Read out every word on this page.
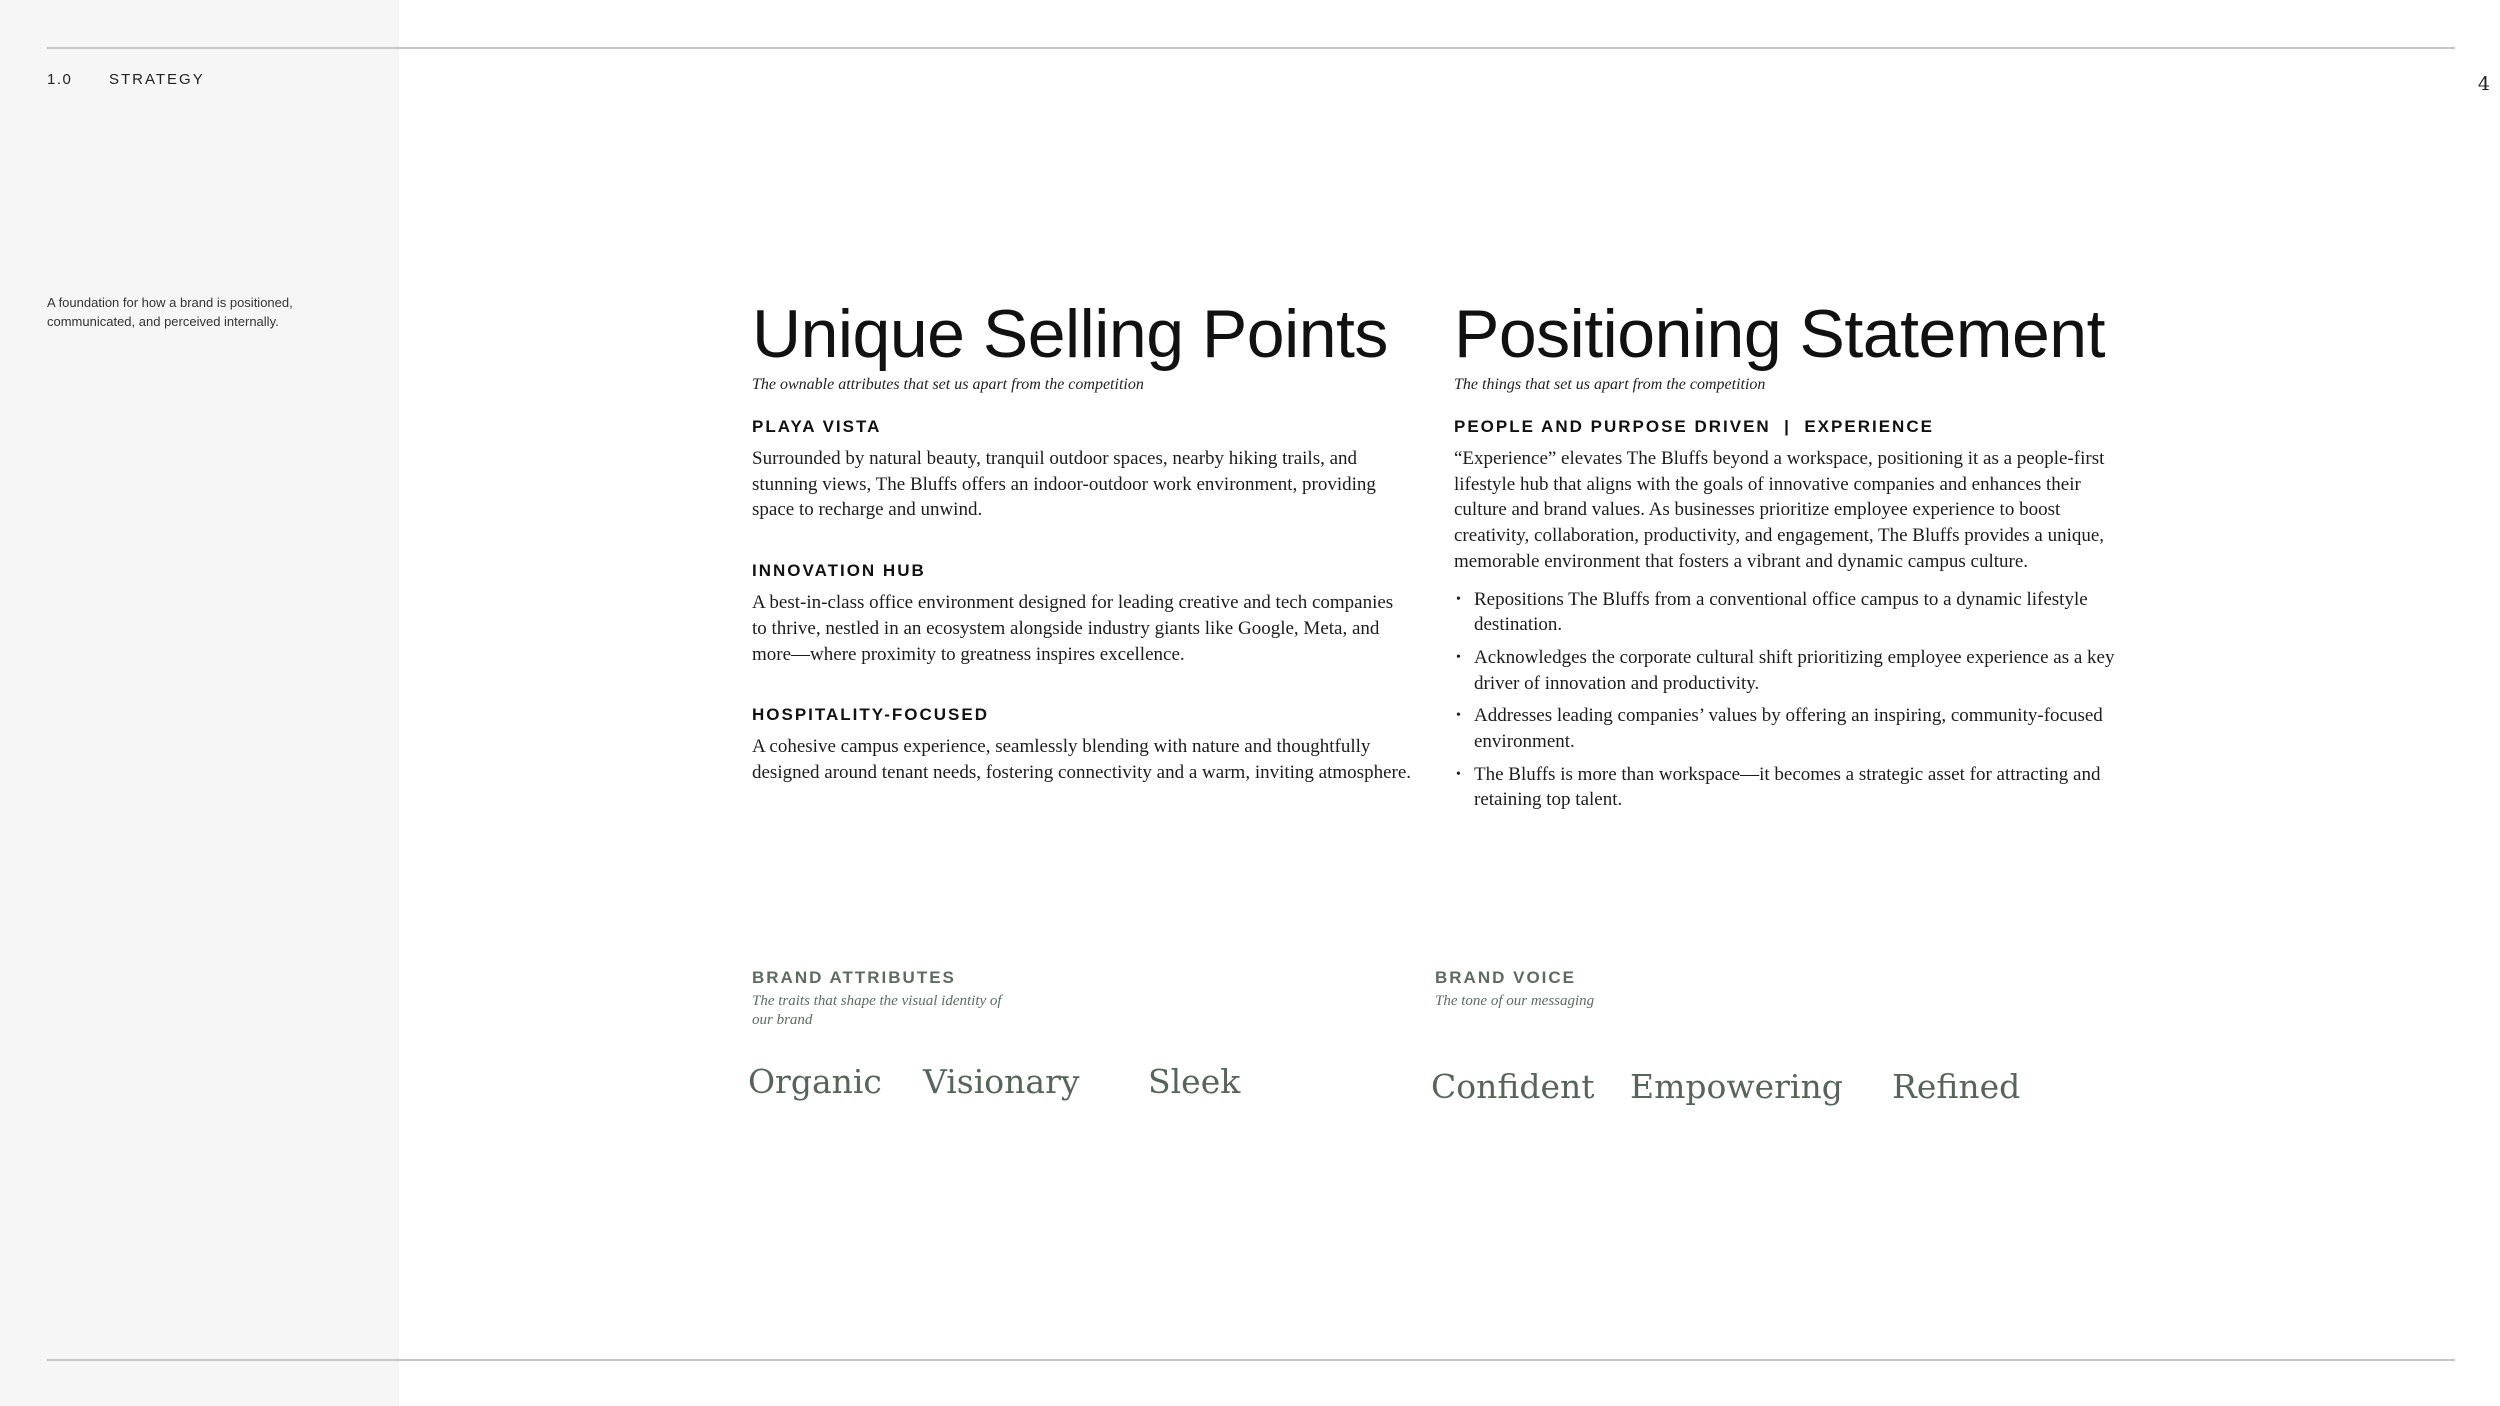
1.0 STRATEGY	4
A foundation for how a brand is positioned, communicated, and perceived internally.	Unique Selling Points

The ownable attributes that set us apart from the competition

PLAYA VISTA

Surrounded by natural beauty, tranquil outdoor spaces, nearby hiking trails, and stunning views, The Bluffs offers an indoor-outdoor work environment, providing space to recharge and unwind.

INNOVATION HUB

A best-in-class office environment designed for leading creative and tech companies to thrive, nestled in an ecosystem alongside industry giants like Google, Meta, and more—where proximity to greatness inspires excellence.

HOSPITALITY-FOCUSED

A cohesive campus experience, seamlessly blending with nature and thoughtfully designed around tenant needs, fostering connectivity and a warm, inviting atmosphere.

Positioning Statement

The things that set us apart from the competition

PEOPLE AND PURPOSE DRIVEN  |  EXPERIENCE

“Experience” elevates The Bluffs beyond a workspace, positioning it as a people-first lifestyle hub that aligns with the goals of innovative companies and enhances their culture and brand values. As businesses prioritize employee experience to boost creativity, collaboration, productivity, and engagement, The Bluffs provides a unique, memorable environment that fosters a vibrant and dynamic campus culture.

• Repositions The Bluffs from a conventional office campus to a dynamic lifestyle destination.
• Acknowledges the corporate cultural shift prioritizing employee experience as a key driver of innovation and productivity.
• Addresses leading companies’ values by offering an inspiring, community-focused environment.
• The Bluffs is more than workspace—it becomes a strategic asset for attracting and retaining top talent.

BRAND ATTRIBUTES

The traits that shape the visual identity of our brand

Organic Visionary Sleek

BRAND VOICE

The tone of our messaging

Confident Empowering Refined
